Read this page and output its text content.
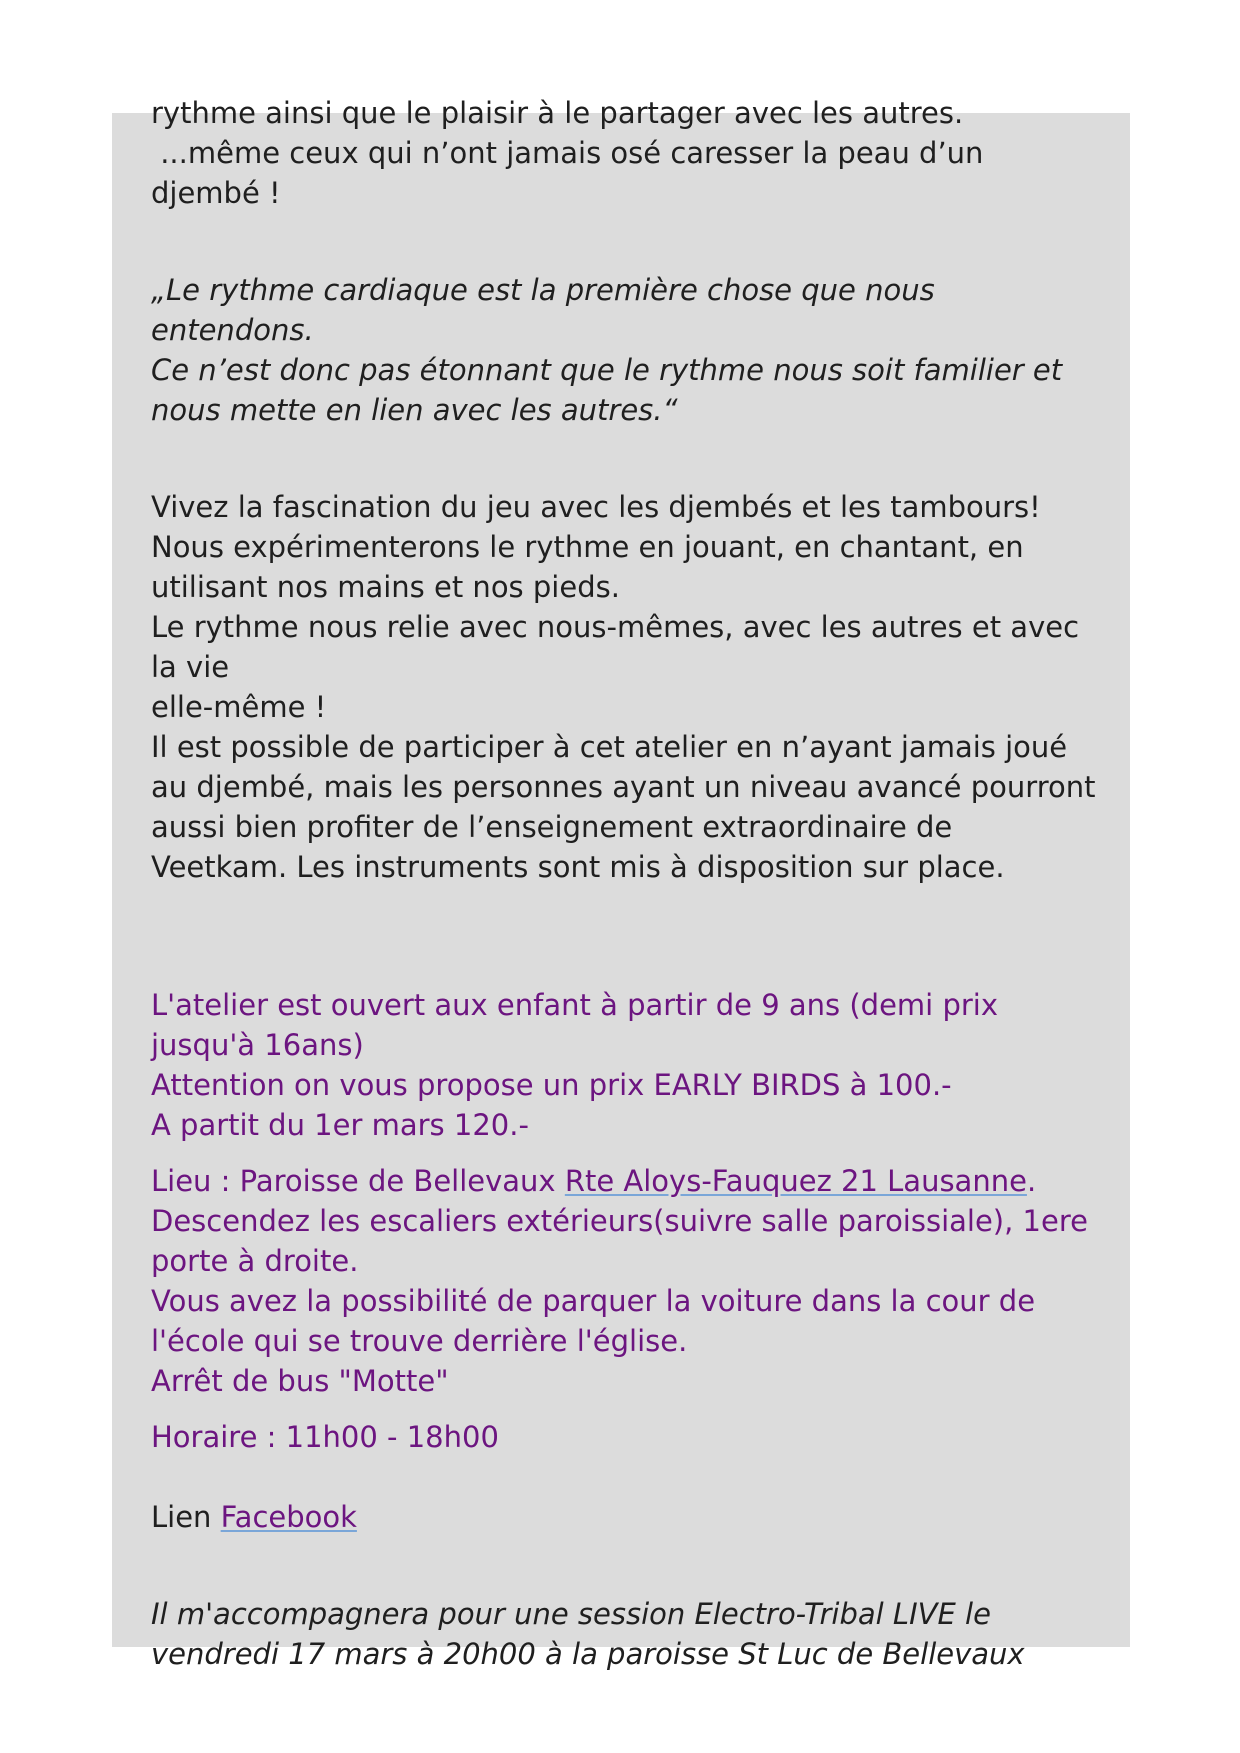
rythme ainsi que le plaisir à le partager avec les autres.
...même ceux qui n’ont jamais osé caresser la peau d’un
djembé !
„Le rythme cardiaque est la première chose que nous
entendons.
Ce n’est donc pas étonnant que le rythme nous soit familier et
nous mette en lien avec les autres.“
Vivez la fascination du jeu avec les djembés et les tambours!
Nous expérimenterons le rythme en jouant, en chantant, en
utilisant nos mains et nos pieds.
Le rythme nous relie avec nous-mêmes, avec les autres et avec
la vie
elle-même !
Il est possible de participer à cet atelier en n’ayant jamais joué
au djembé, mais les personnes ayant un niveau avancé pourront
aussi bien profiter de l’enseignement extraordinaire de
Veetkam. Les instruments sont mis à disposition sur place.
L'atelier est ouvert aux enfant à partir de 9 ans (demi prix
jusqu'à 16ans)
Attention on vous propose un prix EARLY BIRDS à 100.-
A partit du 1er mars 120.-
Lieu : Paroisse de Bellevaux Rte Aloys-Fauquez 21 Lausanne.
Descendez les escaliers extérieurs(suivre salle paroissiale), 1ere
porte à droite.
Vous avez la possibilité de parquer la voiture dans la cour de
l'école qui se trouve derrière l'église.
Arrêt de bus "Motte"
Horaire : 11h00 - 18h00
Lien Facebook
Il m'accompagnera pour une session Electro-Tribal LIVE le
vendredi 17 mars à 20h00 à la paroisse St Luc de Bellevaux
